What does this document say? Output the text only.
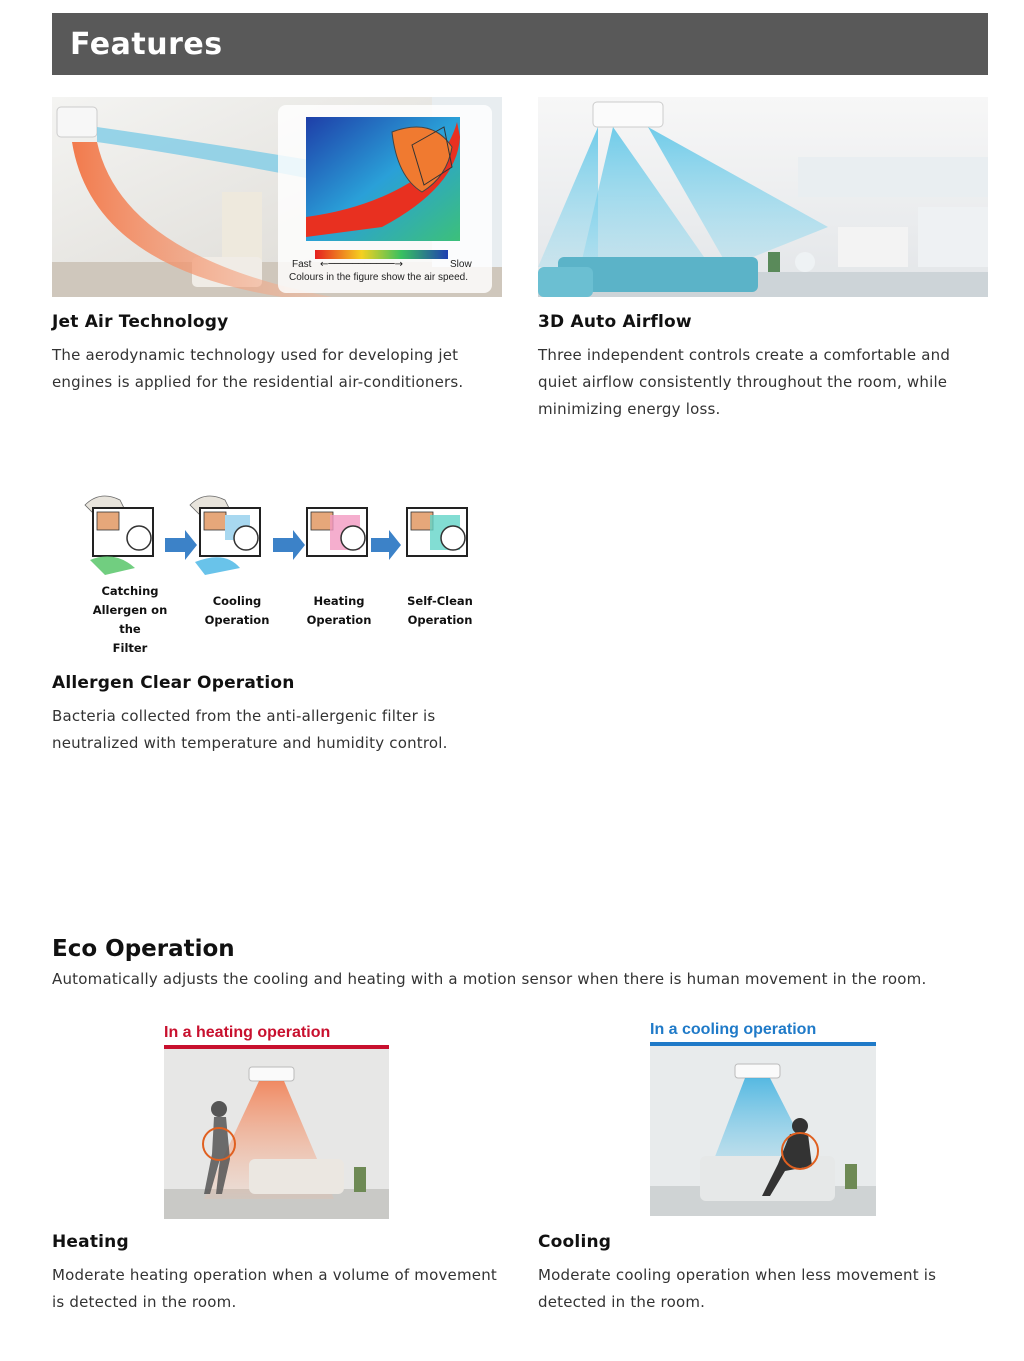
Features
Fast ←───────────→	Slow
Colours in the figure show the air speed.
Jet Air Technology

The aerodynamic technology used for developing jet engines is applied for the residential air-conditioners.

3D Auto Airflow

Three independent controls create a comfortable and quiet airflow consistently throughout the room, while minimizing energy loss.

Catching
Allergen on the
Filter
Cooling
Operation
Heating
Operation
Self-Clean
Operation
Allergen Clear Operation

Bacteria collected from the anti-allergenic filter is neutralized with temperature and humidity control.

Eco Operation

Automatically adjusts the cooling and heating with a motion sensor when there is human movement in the room.

In a heating operation	In a cooling operation
Heating

Moderate heating operation when a volume of movement is detected in the room.

Cooling

Moderate cooling operation when less movement is detected in the room.
